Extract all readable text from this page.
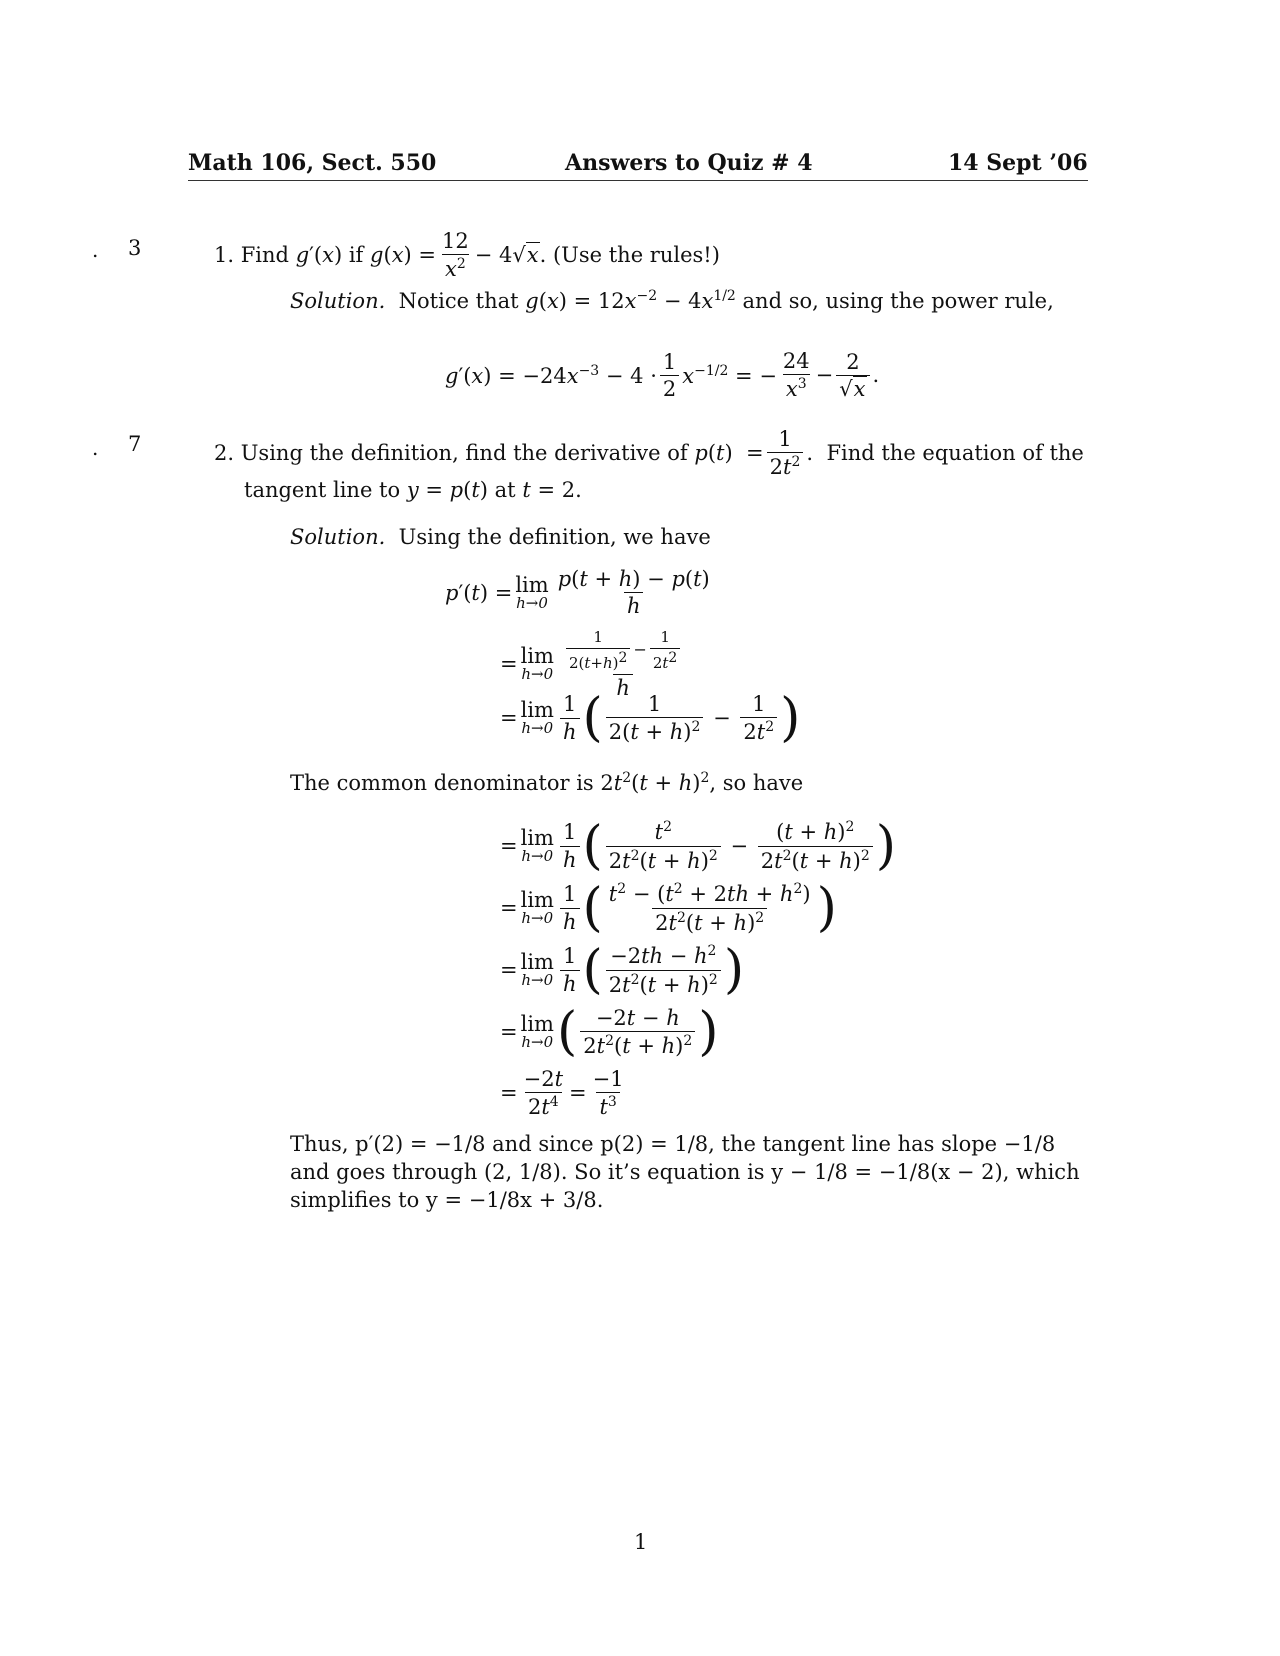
Math 106, Sect. 550	Answers to Quiz # 4	14 Sept ’06
. 3
. 7
1.
Find
g′(x)
if
$g(x) = \frac{12}{x^2} - 4√x$.
(Use the rules!)
Solution.
Notice that
$g(x) = 12x^{-2} - 4x^{1/2}$
and so, using the power rule,
$g'(x) = -24x^{-3} - 4 \cdot \frac{1}{2} x^{-1/2}$ = − $\frac{24}{x^3} - \frac{2}{√x}$ .
2.
Using the definition, find the derivative of
$p(t) = \frac{1}{2t^2}$ .
Find the equation of the
tangent line to
y = p(t)
at
t = 2.
Solution.
Using the definition, we have
p′(t) = lim
$h\to 0 \frac{p(t + h) - p(t)}{h}$
= lim
$h\to 0 \frac{\frac{1}{2(t+h)^2} - \frac{1}{2t^2}}{h}$
= lim
$h\to 0 \frac{1}{h}$ ( $\frac{1}{2(t + h)^2} - \frac{1}{2t^2}$ )
The common denominator is
$2t^2(t + h)^2$ , so have
= lim
$h\to 0 \frac{1}{h}$ ( $\frac{t^2}{2t^2(t + h)^2} - \frac{(t + h)^2}{2t^2(t + h)^2}$ )
= lim
$h\to 0 \frac{1}{h}$ ( $\frac{t^2 - (t^2 + 2th + h^2)}{2t^2(t + h)^2}$ )
= lim
$h\to 0 \frac{1}{h}$ ( $\frac{-2th - h^2}{2t^2(t + h)^2}$ )
= lim
h→0 ( $\frac{-2t - h}{2t^2(t + h)^2}$ )
= $\frac{-2t}{2t^4} = \frac{-1}{t^3}$
Thus, p′(2) = −1/8 and since p(2) = 1/8, the tangent line has slope −1/8
and goes through (2, 1/8). So it’s equation is y − 1/8 = −1/8(x − 2), which
simplifies to y = −1/8x + 3/8.
1
